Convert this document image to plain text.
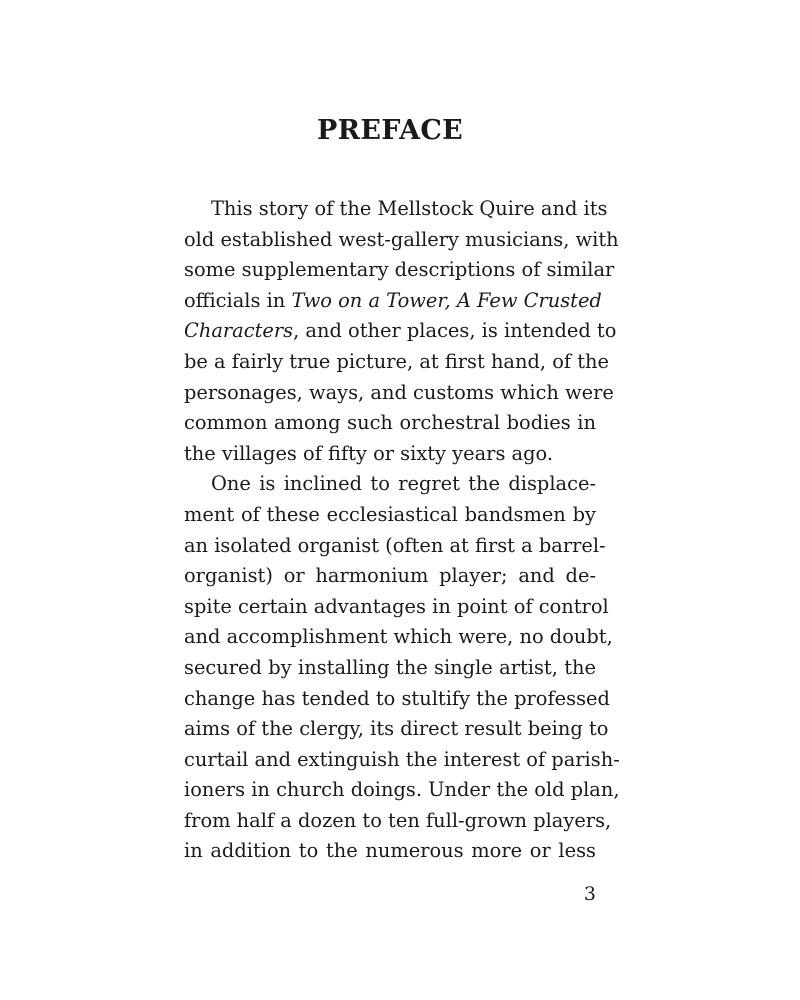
PREFACE
This story of the Mellstock Quire and its
old established west-gallery musicians, with
some supplementary descriptions of similar
officials in Two on a Tower, A Few Crusted
Characters, and other places, is intended to
be a fairly true picture, at first hand, of the
personages, ways, and customs which were
common among such orchestral bodies in
the villages of fifty or sixty years ago.
One is inclined to regret the displace-
ment of these ecclesiastical bandsmen by
an isolated organist (often at first a barrel-
organist) or harmonium player; and de-
spite certain advantages in point of control
and accomplishment which were, no doubt,
secured by installing the single artist, the
change has tended to stultify the professed
aims of the clergy, its direct result being to
curtail and extinguish the interest of parish-
ioners in church doings. Under the old plan,
from half a dozen to ten full-grown players,
in addition to the numerous more or less
3
